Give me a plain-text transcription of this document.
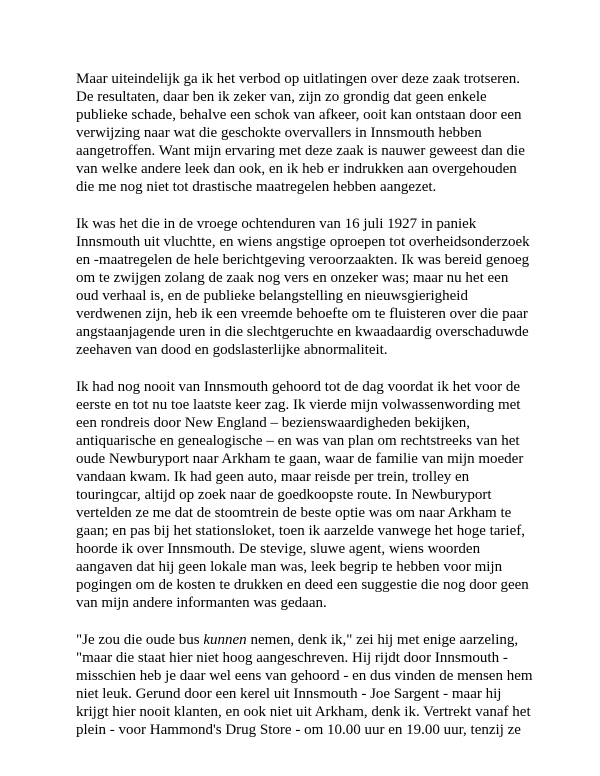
Maar uiteindelijk ga ik het verbod op uitlatingen over deze zaak trotseren.
De resultaten, daar ben ik zeker van, zijn zo grondig dat geen enkele
publieke schade, behalve een schok van afkeer, ooit kan ontstaan door een
verwijzing naar wat die geschokte overvallers in Innsmouth hebben
aangetroffen. Want mijn ervaring met deze zaak is nauwer geweest dan die
van welke andere leek dan ook, en ik heb er indrukken aan overgehouden
die me nog niet tot drastische maatregelen hebben aangezet.

Ik was het die in de vroege ochtenduren van 16 juli 1927 in paniek
Innsmouth uit vluchtte, en wiens angstige oproepen tot overheidsonderzoek
en -maatregelen de hele berichtgeving veroorzaakten. Ik was bereid genoeg
om te zwijgen zolang de zaak nog vers en onzeker was; maar nu het een
oud verhaal is, en de publieke belangstelling en nieuwsgierigheid
verdwenen zijn, heb ik een vreemde behoefte om te fluisteren over die paar
angstaanjagende uren in die slechtgeruchte en kwaadaardig overschaduwde
zeehaven van dood en godslasterlijke abnormaliteit.

Ik had nog nooit van Innsmouth gehoord tot de dag voordat ik het voor de
eerste en tot nu toe laatste keer zag. Ik vierde mijn volwassenwording met
een rondreis door New England – bezienswaardigheden bekijken,
antiquarische en genealogische – en was van plan om rechtstreeks van het
oude Newburyport naar Arkham te gaan, waar de familie van mijn moeder
vandaan kwam. Ik had geen auto, maar reisde per trein, trolley en
touringcar, altijd op zoek naar de goedkoopste route. In Newburyport
vertelden ze me dat de stoomtrein de beste optie was om naar Arkham te
gaan; en pas bij het stationsloket, toen ik aarzelde vanwege het hoge tarief,
hoorde ik over Innsmouth. De stevige, sluwe agent, wiens woorden
aangaven dat hij geen lokale man was, leek begrip te hebben voor mijn
pogingen om de kosten te drukken en deed een suggestie die nog door geen
van mijn andere informanten was gedaan.

"Je zou die oude bus kunnen nemen, denk ik," zei hij met enige aarzeling,
"maar die staat hier niet hoog aangeschreven. Hij rijdt door Innsmouth -
misschien heb je daar wel eens van gehoord - en dus vinden de mensen hem
niet leuk. Gerund door een kerel uit Innsmouth - Joe Sargent - maar hij
krijgt hier nooit klanten, en ook niet uit Arkham, denk ik. Vertrekt vanaf het
plein - voor Hammond's Drug Store - om 10.00 uur en 19.00 uur, tenzij ze
